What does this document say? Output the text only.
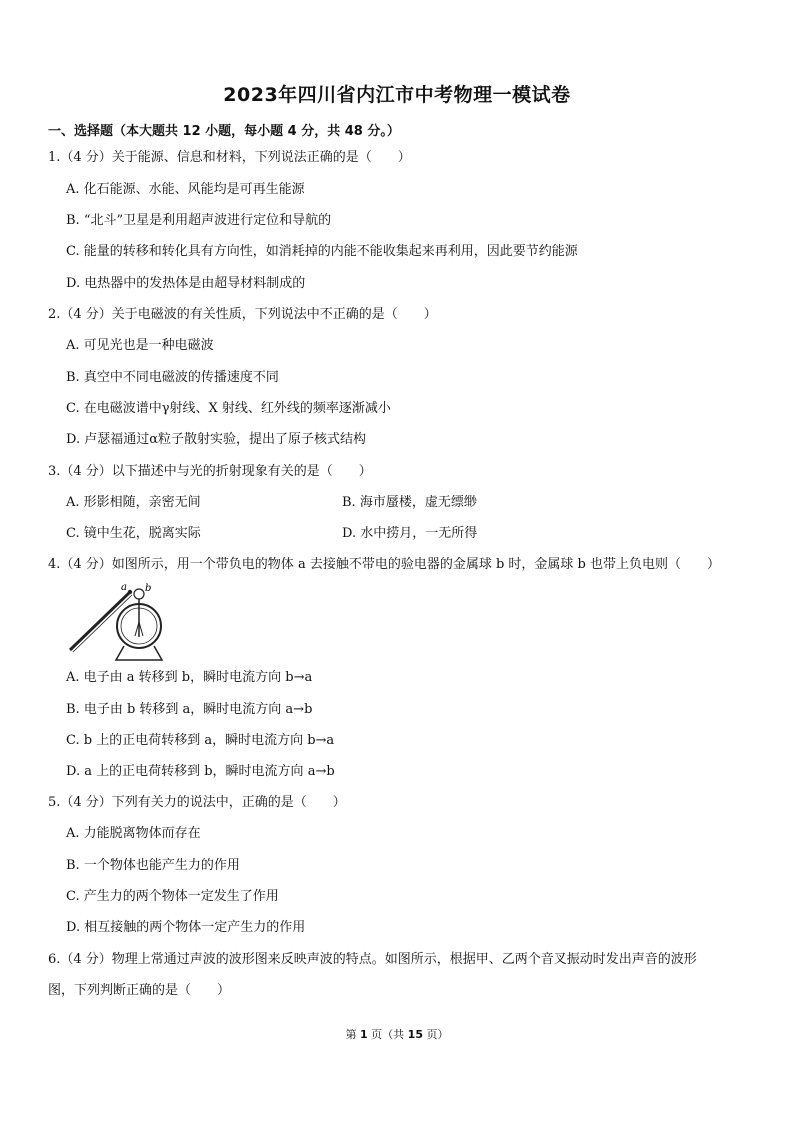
2023年四川省内江市中考物理一模试卷
一、选择题（本大题共 12 小题，每小题 4 分，共 48 分。）
1.（4 分）关于能源、信息和材料，下列说法正确的是（　　）
A. 化石能源、水能、风能均是可再生能源
B. “北斗”卫星是利用超声波进行定位和导航的
C. 能量的转移和转化具有方向性，如消耗掉的内能不能收集起来再利用，因此要节约能源
D. 电热器中的发热体是由超导材料制成的
2.（4 分）关于电磁波的有关性质，下列说法中不正确的是（　　）
A. 可见光也是一种电磁波
B. 真空中不同电磁波的传播速度不同
C. 在电磁波谱中γ射线、X 射线、红外线的频率逐渐减小
D. 卢瑟福通过α粒子散射实验，提出了原子核式结构
3.（4 分）以下描述中与光的折射现象有关的是（　　）
A. 形影相随，亲密无间	B. 海市蜃楼，虚无缥缈
C. 镜中生花，脱离实际	D. 水中捞月，一无所得
4.（4 分）如图所示，用一个带负电的物体 a 去接触不带电的验电器的金属球 b 时，金属球 b 也带上负电则（　　）
a b
A. 电子由 a 转移到 b，瞬时电流方向 b→a
B. 电子由 b 转移到 a，瞬时电流方向 a→b
C. b 上的正电荷转移到 a，瞬时电流方向 b→a
D. a 上的正电荷转移到 b，瞬时电流方向 a→b
5.（4 分）下列有关力的说法中，正确的是（　　）
A. 力能脱离物体而存在
B. 一个物体也能产生力的作用
C. 产生力的两个物体一定发生了作用
D. 相互接触的两个物体一定产生力的作用
6.（4 分）物理上常通过声波的波形图来反映声波的特点。如图所示，根据甲、乙两个音叉振动时发出声音的波形
图，下列判断正确的是（　　）
第 1 页（共 15 页）
